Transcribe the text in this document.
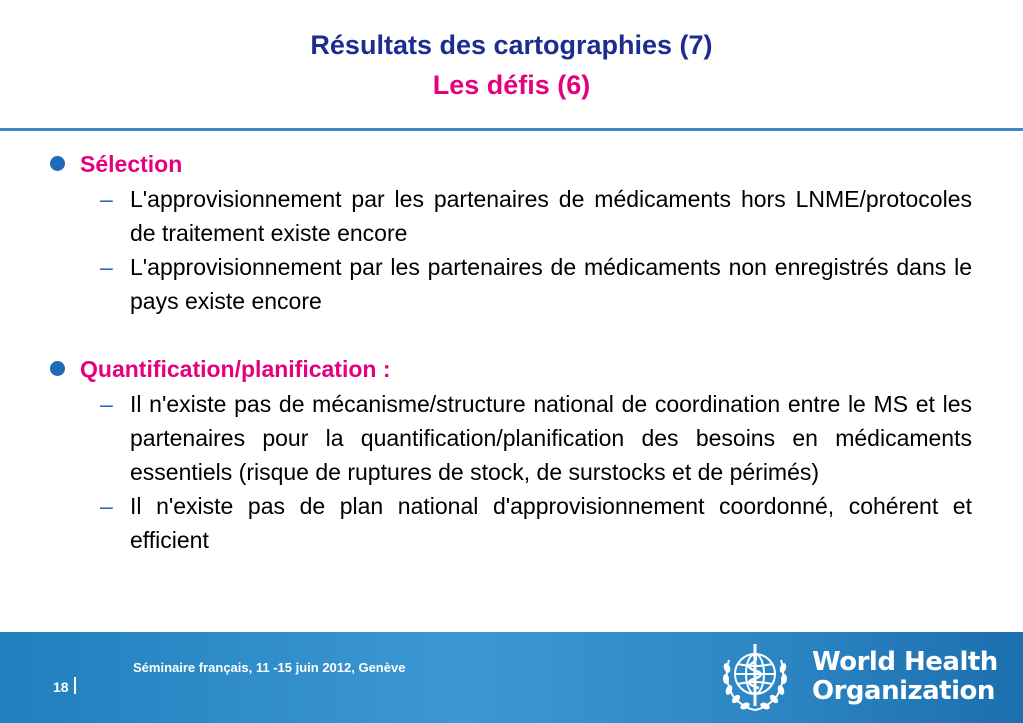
Résultats des cartographies (7)
Les défis (6)
Sélection
– L'approvisionnement par les partenaires de médicaments hors LNME/protocoles de traitement existe encore
– L'approvisionnement par les partenaires de médicaments non enregistrés dans le pays existe encore
Quantification/planification :
– Il n'existe pas de mécanisme/structure national de coordination entre le MS et les partenaires pour la quantification/planification des besoins en médicaments essentiels (risque de ruptures de stock, de surstocks et de périmés)
– Il n'existe pas de plan national d'approvisionnement coordonné, cohérent et efficient
Séminaire français, 11 -15 juin 2012, Genève
18
World Health
Organization
